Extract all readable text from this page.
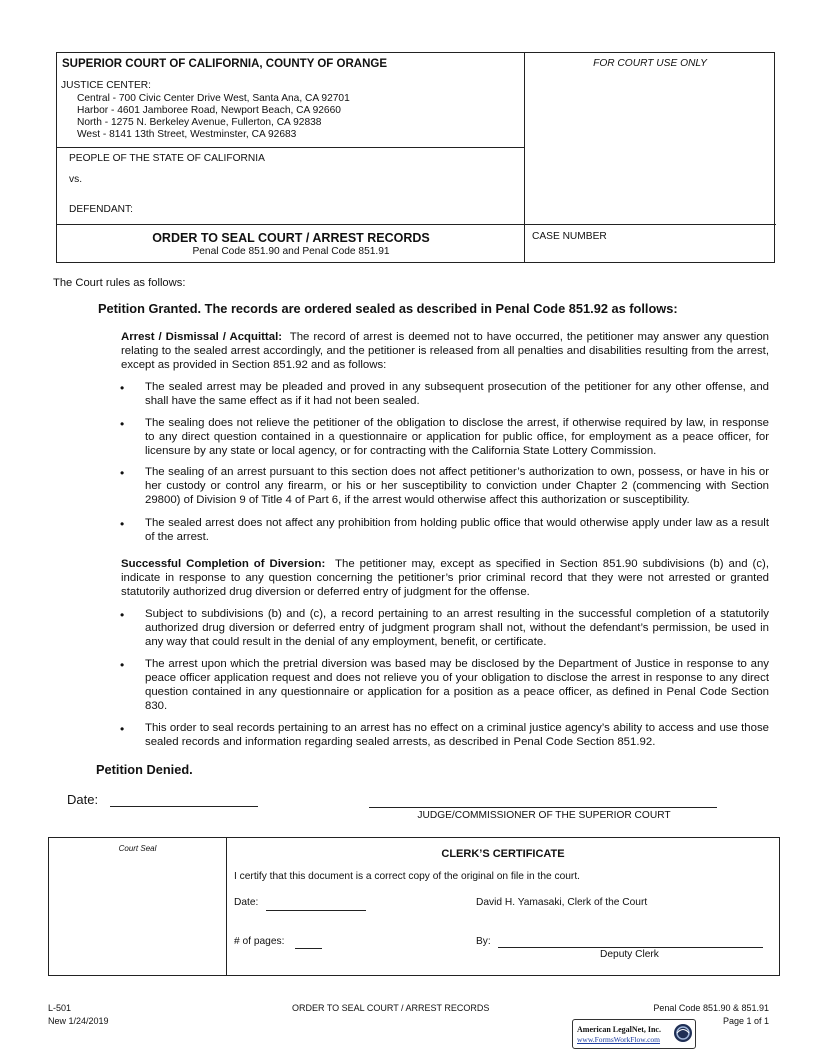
SUPERIOR COURT OF CALIFORNIA, COUNTY OF ORANGE
JUSTICE CENTER:
Central - 700 Civic Center Drive West, Santa Ana, CA 92701
Harbor - 4601 Jamboree Road, Newport Beach, CA 92660
North - 1275 N. Berkeley Avenue, Fullerton, CA 92838
West - 8141 13th Street, Westminster, CA 92683
FOR COURT USE ONLY
PEOPLE OF THE STATE OF CALIFORNIA
vs.
DEFENDANT:
ORDER TO SEAL COURT / ARREST RECORDS
Penal Code 851.90 and Penal Code 851.91
CASE NUMBER
The Court rules as follows:
Petition Granted. The records are ordered sealed as described in Penal Code 851.92 as follows:
Arrest / Dismissal / Acquittal: The record of arrest is deemed not to have occurred, the petitioner may answer any question relating to the sealed arrest accordingly, and the petitioner is released from all penalties and disabilities resulting from the arrest, except as provided in Section 851.92 and as follows:
• The sealed arrest may be pleaded and proved in any subsequent prosecution of the petitioner for any other offense, and shall have the same effect as if it had not been sealed.
• The sealing does not relieve the petitioner of the obligation to disclose the arrest, if otherwise required by law, in response to any direct question contained in a questionnaire or application for public office, for employment as a peace officer, for licensure by any state or local agency, or for contracting with the California State Lottery Commission.
• The sealing of an arrest pursuant to this section does not affect petitioner’s authorization to own, possess, or have in his or her custody or control any firearm, or his or her susceptibility to conviction under Chapter 2 (commencing with Section 29800) of Division 9 of Title 4 of Part 6, if the arrest would otherwise affect this authorization or susceptibility.
• The sealed arrest does not affect any prohibition from holding public office that would otherwise apply under law as a result of the arrest.
Successful Completion of Diversion: The petitioner may, except as specified in Section 851.90 subdivisions (b) and (c), indicate in response to any question concerning the petitioner’s prior criminal record that they were not arrested or granted statutorily authorized drug diversion or deferred entry of judgment for the offense.
• Subject to subdivisions (b) and (c), a record pertaining to an arrest resulting in the successful completion of a statutorily authorized drug diversion or deferred entry of judgment program shall not, without the defendant’s permission, be used in any way that could result in the denial of any employment, benefit, or certificate.
• The arrest upon which the pretrial diversion was based may be disclosed by the Department of Justice in response to any peace officer application request and does not relieve you of your obligation to disclose the arrest in response to any direct question contained in any questionnaire or application for a position as a peace officer, as defined in Penal Code Section 830.
• This order to seal records pertaining to an arrest has no effect on a criminal justice agency’s ability to access and use those sealed records and information regarding sealed arrests, as described in Penal Code Section 851.92.
Petition Denied.
Date:
JUDGE/COMMISSIONER OF THE SUPERIOR COURT
Court Seal	CLERK’S CERTIFICATE
I certify that this document is a correct copy of the original on file in the court.
Date:	David H. Yamasaki, Clerk of the Court
# of pages:	By:
Deputy Clerk
L-501
New 1/24/2019
ORDER TO SEAL COURT / ARREST RECORDS	Penal Code 851.90 & 851.91
Page 1 of 1
American LegalNet, Inc.
www.FormsWorkFlow.com
